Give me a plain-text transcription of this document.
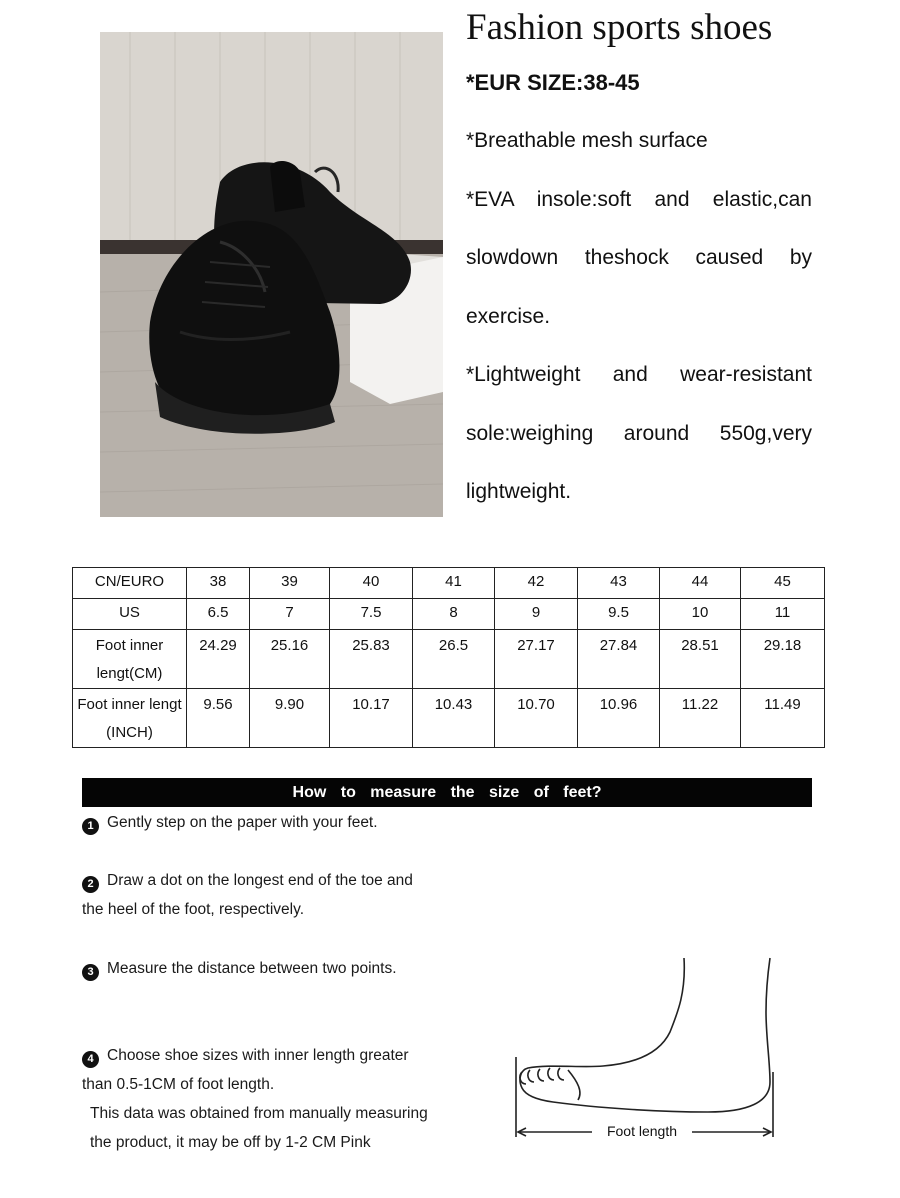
Fashion sports shoes
*EUR SIZE:38-45

*Breathable mesh surface

*EVA insole:soft and elastic,can slowdown theshock caused by exercise.

*Lightweight and wear-resistant sole:weighing around 550g,very lightweight.

CN/EURO	38	39	40	41	42	43	44	45
US	6.5	7	7.5	8	9	9.5	10	11
Foot inner lengt(CM)	24.29	25.16	25.83	26.5	27.17	27.84	28.51	29.18
Foot inner lengt (INCH)	9.56	9.90	10.17	10.43	10.70	10.96	11.22	11.49
How to measure the size of feet?

1 Gently step on the paper with your feet.

2 Draw a dot on the longest end of the toe and the heel of the foot, respectively.

3 Measure the distance between two points.

4 Choose shoe sizes with inner length greater than 0.5-1CM of foot length.

This data was obtained from manually measuring the product, it may be off by 1-2 CM Pink

Foot length
